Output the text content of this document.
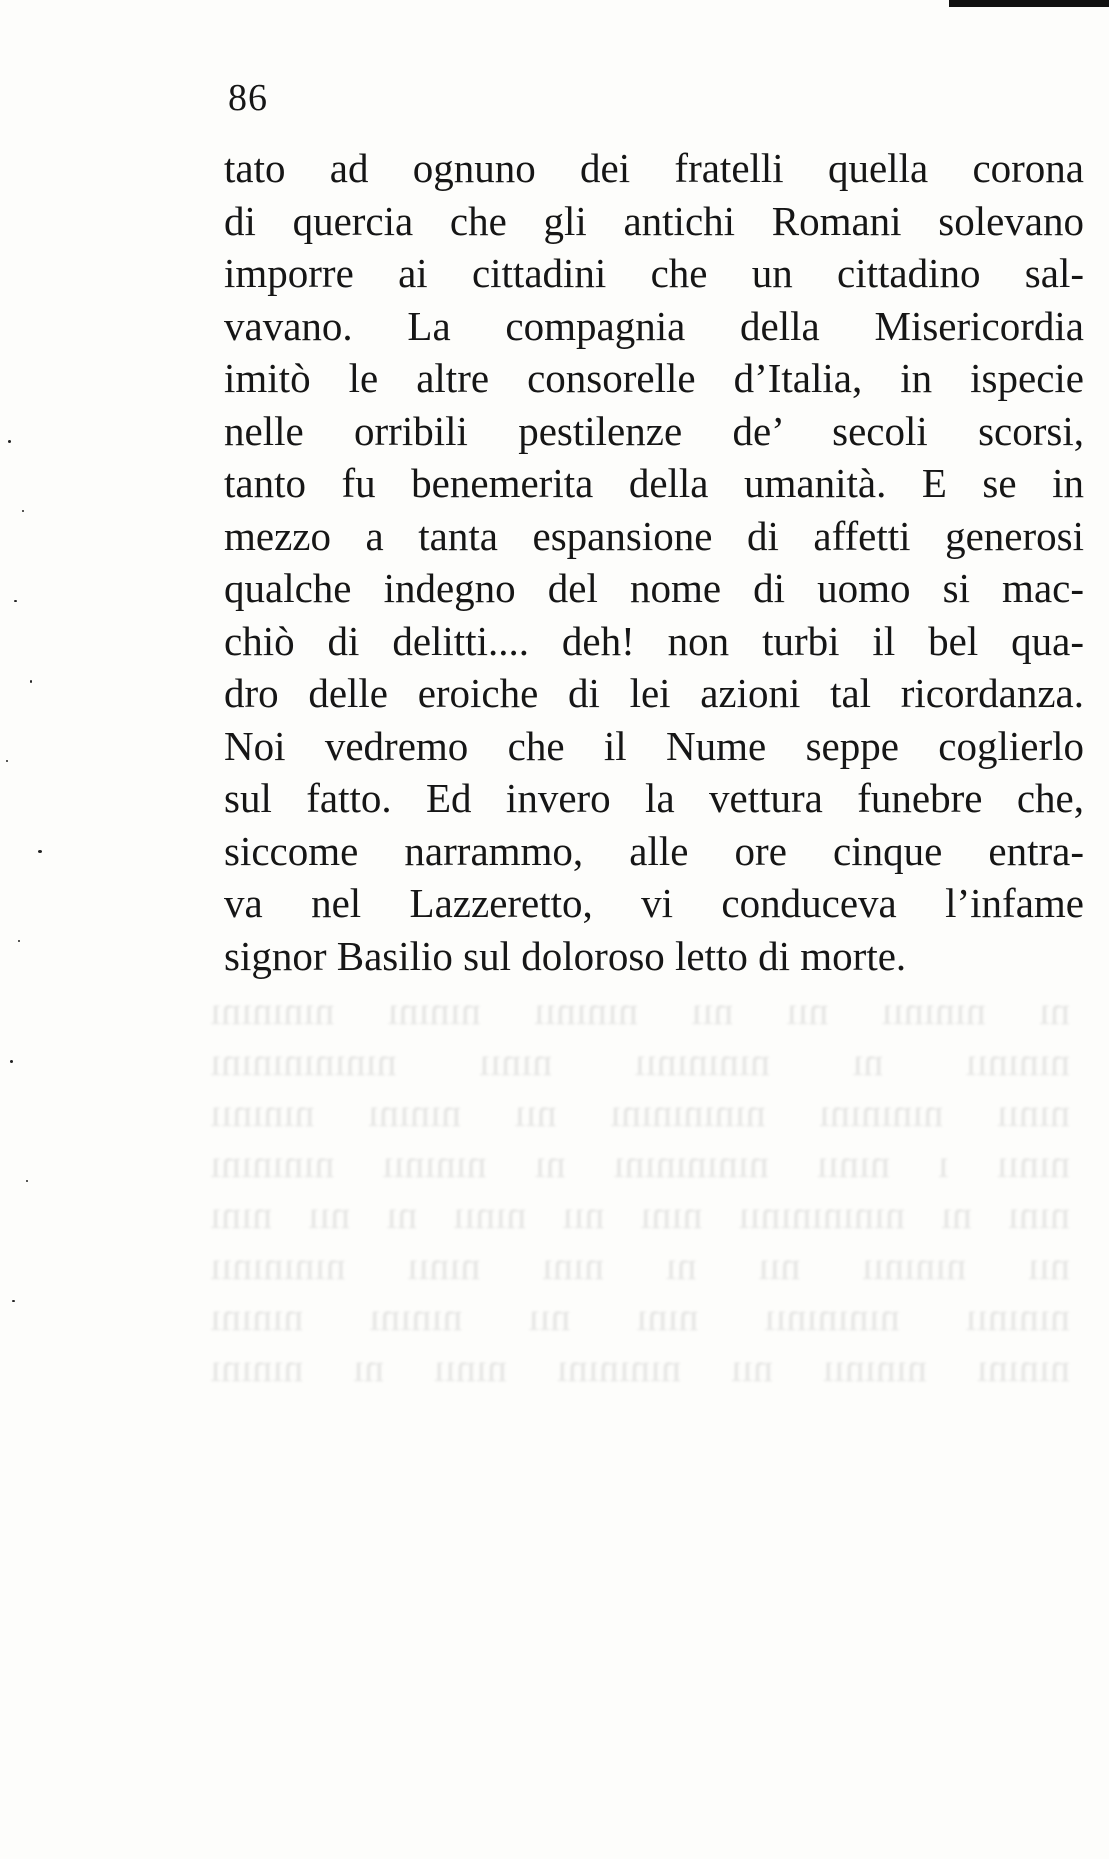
86
tato ad ognuno dei fratelli quella corona
di quercia che gli antichi Romani solevano
imporre ai cittadini che un cittadino sal-
vavano. La compagnia della Misericordia
imitò le altre consorelle d’Italia, in ispecie
nelle orribili pestilenze de’ secoli scorsi,
tanto fu benemerita della umanità. E se in
mezzo a tanta espansione di affetti generosi
qualche indegno del nome di uomo si mac-
chiò di delitti.... deh! non turbi il bel qua-
dro delle eroiche di lei azioni tal ricordanza.
Noi vedremo che il Nume seppe coglierlo
sul fatto. Ed invero la vettura funebre che,
siccome narrammo, alle ore cinque entra-
va nel Lazzeretto, vi conduceva l’infame
signor Basilio sul doloroso letto di morte.
nı nınınıı nıı nıı nınınıı nınını nınınını
nınınıı nı nınınınıı nınıı nınınınınını
nınıı nınınını nınınınını nıı nınını nınınıı
nınıı ı nınıı nınınınını nı nınınıı nınınını
nını nı nınınınınıı nını nıı nınıı nı nıı nını
nıı nınınıı nıı nı nını nınıı nınınınıı
nınınıı nınınınıı nını nıı nınını nınını
nınını nınınıı nıı nınınını nınıı nı nınını
